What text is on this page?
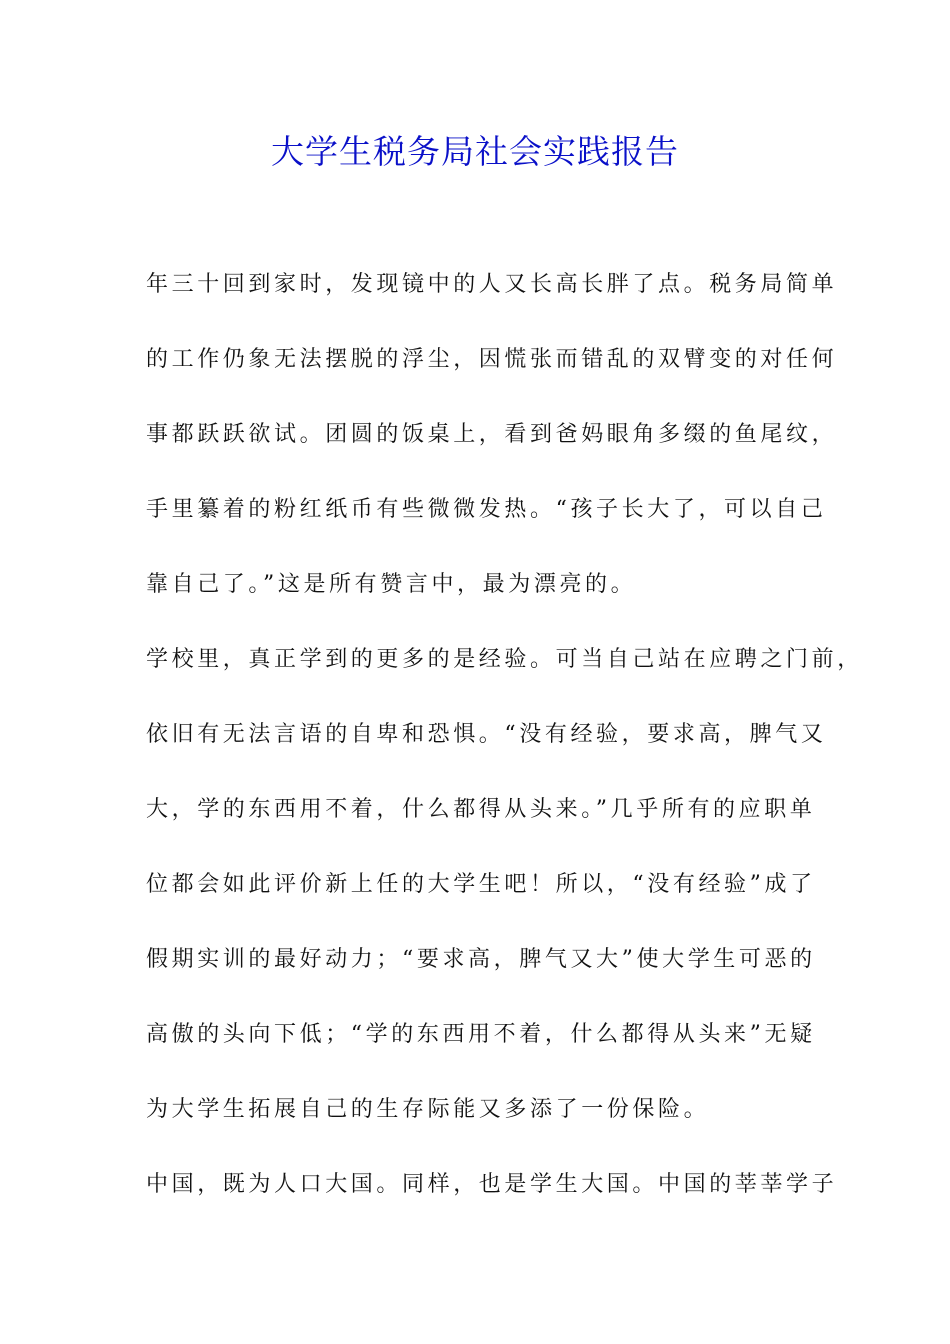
大学生税务局社会实践报告
年三十回到家时，发现镜中的人又长高长胖了点。税务局简单
的工作仍象无法摆脱的浮尘，因慌张而错乱的双臂变的对任何
事都跃跃欲试。团圆的饭桌上，看到爸妈眼角多缀的鱼尾纹，
手里纂着的粉红纸币有些微微发热。“孩子长大了，可以自己
靠自己了。”这是所有赞言中，最为漂亮的。
学校里，真正学到的更多的是经验。可当自己站在应聘之门前，
依旧有无法言语的自卑和恐惧。“没有经验，要求高，脾气又
大，学的东西用不着，什么都得从头来。”几乎所有的应职单
位都会如此评价新上任的大学生吧！所以，“没有经验”成了
假期实训的最好动力；“要求高，脾气又大”使大学生可恶的
高傲的头向下低；“学的东西用不着，什么都得从头来”无疑
为大学生拓展自己的生存际能又多添了一份保险。
中国，既为人口大国。同样，也是学生大国。中国的莘莘学子
